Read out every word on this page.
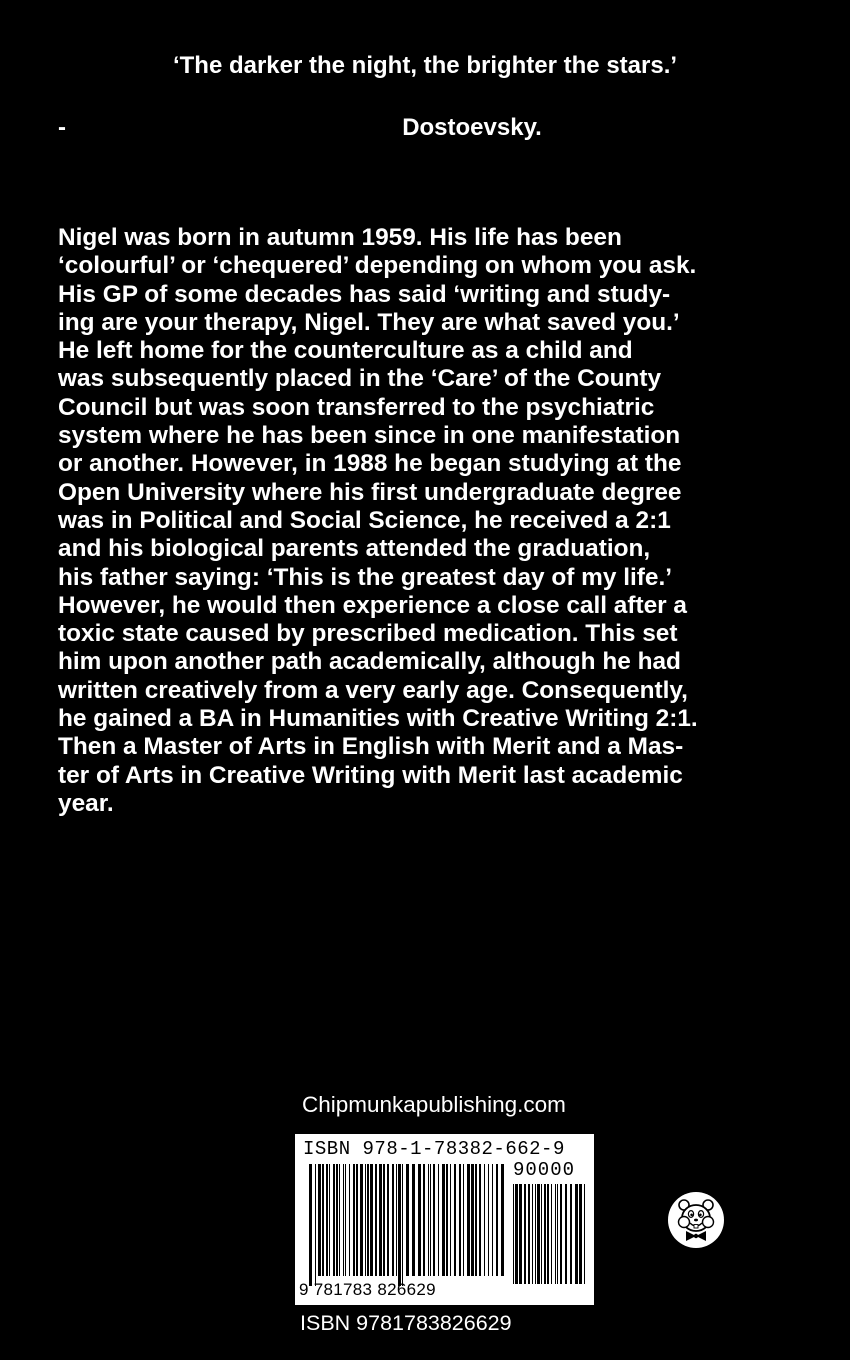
‘The darker the night, the brighter the stars.’
-	Dostoevsky.
Nigel was born in autumn 1959. His life has been
‘colourful’ or ‘chequered’ depending on whom you ask.
His GP of some decades has said ‘writing and study-
ing are your therapy, Nigel. They are what saved you.’
He left home for the counterculture as a child and
was subsequently placed in the ‘Care’ of the County
Council but was soon transferred to the psychiatric
system where he has been since in one manifestation
or another. However, in 1988 he began studying at the
Open University where his first undergraduate degree
was in Political and Social Science, he received a 2:1
and his biological parents attended the graduation,
his father saying: ‘This is the greatest day of my life.’
However, he would then experience a close call after a
toxic state caused by prescribed medication. This set
him upon another path academically, although he had
written creatively from a very early age. Consequently,
he gained a BA in Humanities with Creative Writing 2:1.
Then a Master of Arts in English with Merit and a Mas-
ter of Arts in Creative Writing with Merit last academic
year.
Chipmunkapublishing.com
ISBN 978-1-78382-662-9
90000
9 781783 826629
ISBN 9781783826629
